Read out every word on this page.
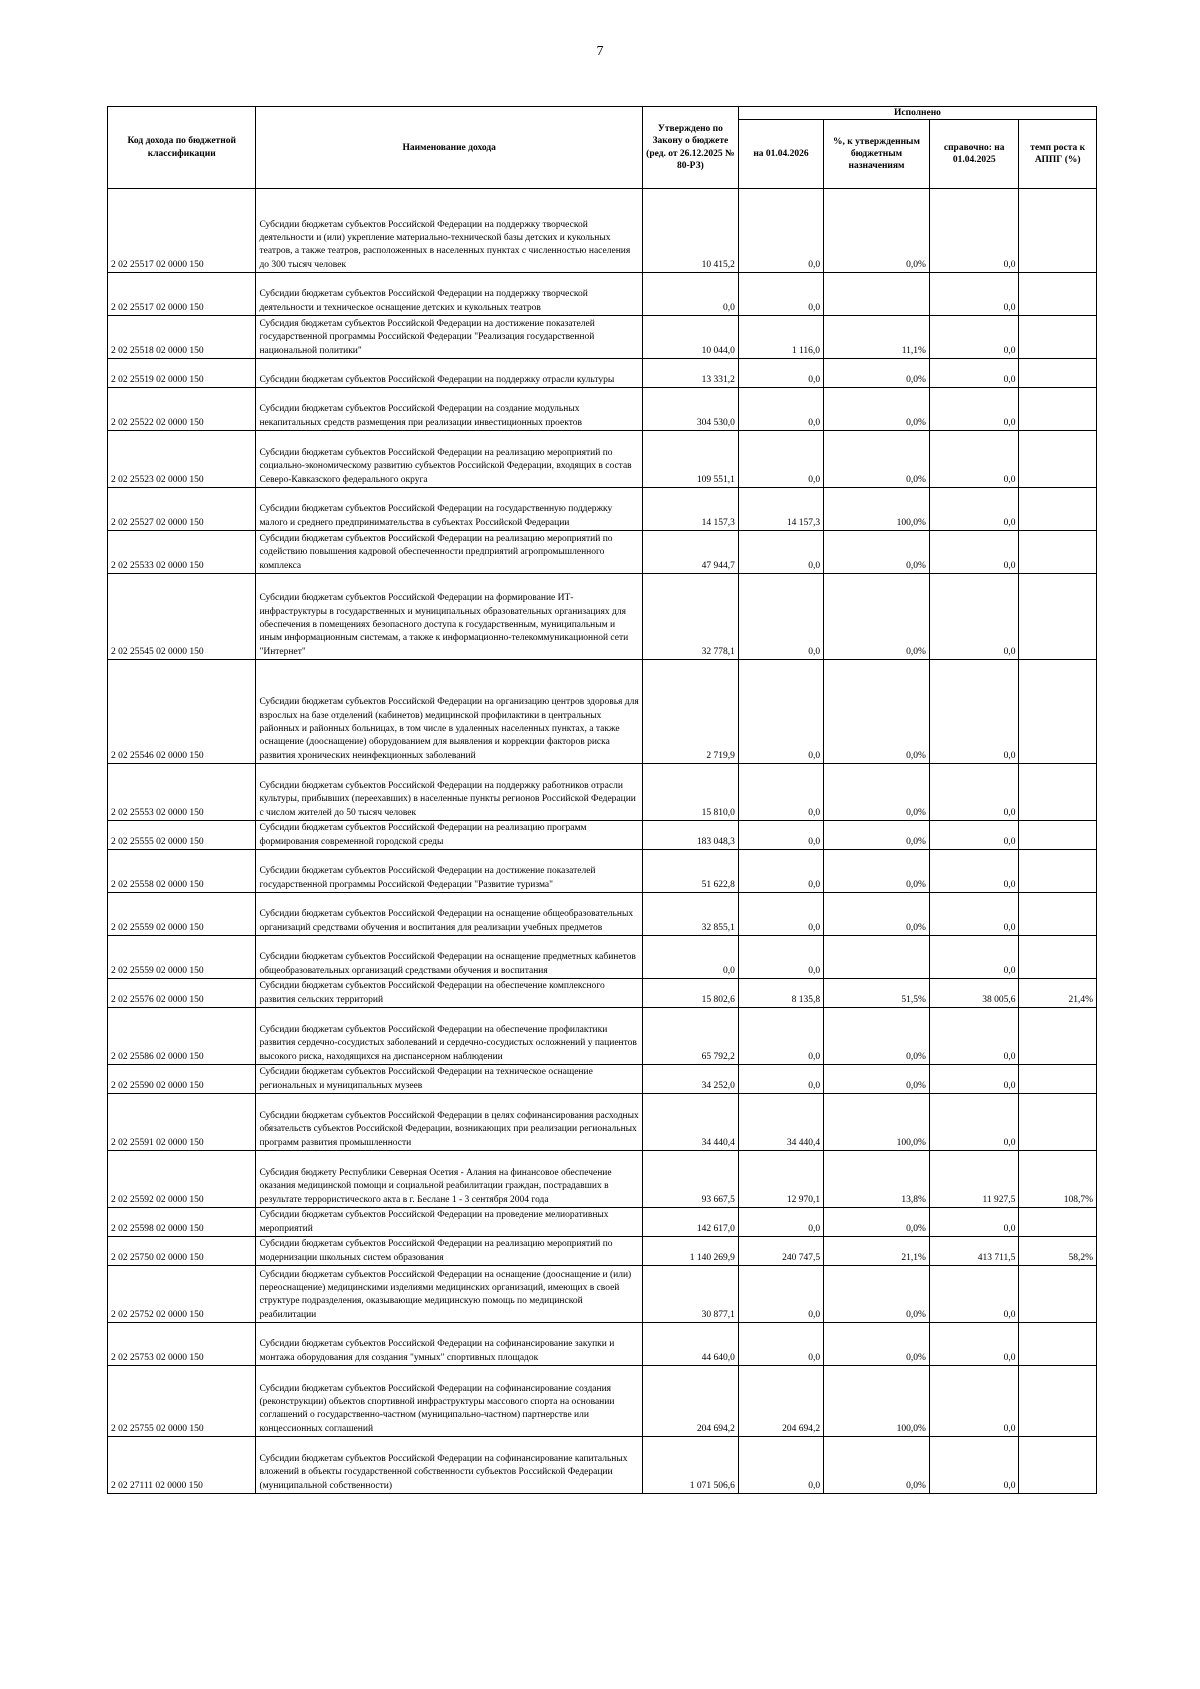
7
Код дохода по бюджетной классификации	Наименование дохода	Утверждено по Закону о бюджете (ред. от 26.12.2025 № 80-РЗ)	Исполнено			
			на 01.04.2026	%, к утвержденным бюджетным назначениям	справочно: на 01.04.2025	темп роста к АППГ (%)
2 02 25517 02 0000 150	Субсидии бюджетам субъектов Российской Федерации на поддержку творческой деятельности и (или) укрепление материально-технической базы детских и кукольных театров, а также театров, расположенных в населенных пунктах с численностью населения до 300 тысяч человек	10 415,2	0,0	0,0%	0,0	
2 02 25517 02 0000 150	Субсидии бюджетам субъектов Российской Федерации на поддержку творческой деятельности и техническое оснащение детских и кукольных театров	0,0	0,0		0,0	
2 02 25518 02 0000 150	Субсидия бюджетам субъектов Российской Федерации на достижение показателей государственной программы Российской Федерации "Реализация государственной национальной политики"	10 044,0	1 116,0	11,1%	0,0	
2 02 25519 02 0000 150	Субсидии бюджетам субъектов Российской Федерации на поддержку отрасли культуры	13 331,2	0,0	0,0%	0,0	
2 02 25522 02 0000 150	Субсидии бюджетам субъектов Российской Федерации на создание модульных некапитальных средств размещения при реализации инвестиционных проектов	304 530,0	0,0	0,0%	0,0	
2 02 25523 02 0000 150	Субсидии бюджетам субъектов Российской Федерации на реализацию мероприятий по социально-экономическому развитию субъектов Российской Федерации, входящих в состав Северо-Кавказского федерального округа	109 551,1	0,0	0,0%	0,0	
2 02 25527 02 0000 150	Субсидии бюджетам субъектов Российской Федерации на государственную поддержку малого и среднего предпринимательства в субъектах Российской Федерации	14 157,3	14 157,3	100,0%	0,0	
2 02 25533 02 0000 150	Субсидии бюджетам субъектов Российской Федерации на реализацию мероприятий по содействию повышения кадровой обеспеченности предприятий агропромышленного комплекса	47 944,7	0,0	0,0%	0,0	
2 02 25545 02 0000 150	Субсидии бюджетам субъектов Российской Федерации на формирование ИТ-инфраструктуры в государственных и муниципальных образовательных организациях для обеспечения в помещениях безопасного доступа к государственным, муниципальным и иным информационным системам, а также к информационно-телекоммуникационной сети "Интернет"	32 778,1	0,0	0,0%	0,0	
2 02 25546 02 0000 150	Субсидии бюджетам субъектов Российской Федерации на организацию центров здоровья для взрослых на базе отделений (кабинетов) медицинской профилактики в центральных районных и районных больницах, в том числе в удаленных населенных пунктах, а также оснащение (дооснащение) оборудованием для выявления и коррекции факторов риска развития хронических неинфекционных заболеваний	2 719,9	0,0	0,0%	0,0	
2 02 25553 02 0000 150	Субсидии бюджетам субъектов Российской Федерации на поддержку работников отрасли культуры, прибывших (переехавших) в населенные пункты регионов Российской Федерации с числом жителей до 50 тысяч человек	15 810,0	0,0	0,0%	0,0	
2 02 25555 02 0000 150	Субсидии бюджетам субъектов Российской Федерации на реализацию программ формирования современной городской среды	183 048,3	0,0	0,0%	0,0	
2 02 25558 02 0000 150	Субсидии бюджетам субъектов Российской Федерации на достижение показателей государственной программы Российской Федерации "Развитие туризма"	51 622,8	0,0	0,0%	0,0	
2 02 25559 02 0000 150	Субсидии бюджетам субъектов Российской Федерации на оснащение общеобразовательных организаций средствами обучения и воспитания для реализации учебных предметов	32 855,1	0,0	0,0%	0,0	
2 02 25559 02 0000 150	Субсидии бюджетам субъектов Российской Федерации на оснащение предметных кабинетов общеобразовательных организаций средствами обучения и воспитания	0,0	0,0		0,0	
2 02 25576 02 0000 150	Субсидии бюджетам субъектов Российской Федерации на обеспечение комплексного развития сельских территорий	15 802,6	8 135,8	51,5%	38 005,6	21,4%
2 02 25586 02 0000 150	Субсидии бюджетам субъектов Российской Федерации на обеспечение профилактики развития сердечно-сосудистых заболеваний и сердечно-сосудистых осложнений у пациентов высокого риска, находящихся на диспансерном наблюдении	65 792,2	0,0	0,0%	0,0	
2 02 25590 02 0000 150	Субсидии бюджетам субъектов Российской Федерации на техническое оснащение региональных и муниципальных музеев	34 252,0	0,0	0,0%	0,0	
2 02 25591 02 0000 150	Субсидии бюджетам субъектов Российской Федерации в целях софинансирования расходных обязательств субъектов Российской Федерации, возникающих при реализации региональных программ развития промышленности	34 440,4	34 440,4	100,0%	0,0	
2 02 25592 02 0000 150	Субсидия бюджету Республики Северная Осетия - Алания на финансовое обеспечение оказания медицинской помощи и социальной реабилитации граждан, пострадавших в результате террористического акта в г. Беслане 1 - 3 сентября 2004 года	93 667,5	12 970,1	13,8%	11 927,5	108,7%
2 02 25598 02 0000 150	Субсидии бюджетам субъектов Российской Федерации на проведение мелиоративных мероприятий	142 617,0	0,0	0,0%	0,0	
2 02 25750 02 0000 150	Субсидии бюджетам субъектов Российской Федерации на реализацию мероприятий по модернизации школьных систем образования	1 140 269,9	240 747,5	21,1%	413 711,5	58,2%
2 02 25752 02 0000 150	Субсидии бюджетам субъектов Российской Федерации на оснащение (дооснащение и (или) переоснащение) медицинскими изделиями медицинских организаций, имеющих в своей структуре подразделения, оказывающие медицинскую помощь по медицинской реабилитации	30 877,1	0,0	0,0%	0,0	
2 02 25753 02 0000 150	Субсидии бюджетам субъектов Российской Федерации на софинансирование закупки и монтажа оборудования для создания "умных" спортивных площадок	44 640,0	0,0	0,0%	0,0	
2 02 25755 02 0000 150	Субсидии бюджетам субъектов Российской Федерации на софинансирование создания (реконструкции) объектов спортивной инфраструктуры массового спорта на основании соглашений о государственно-частном (муниципально-частном) партнерстве или концессионных соглашений	204 694,2	204 694,2	100,0%	0,0	
2 02 27111 02 0000 150	Субсидии бюджетам субъектов Российской Федерации на софинансирование капитальных вложений в объекты государственной собственности субъектов Российской Федерации (муниципальной собственности)	1 071 506,6	0,0	0,0%	0,0	
